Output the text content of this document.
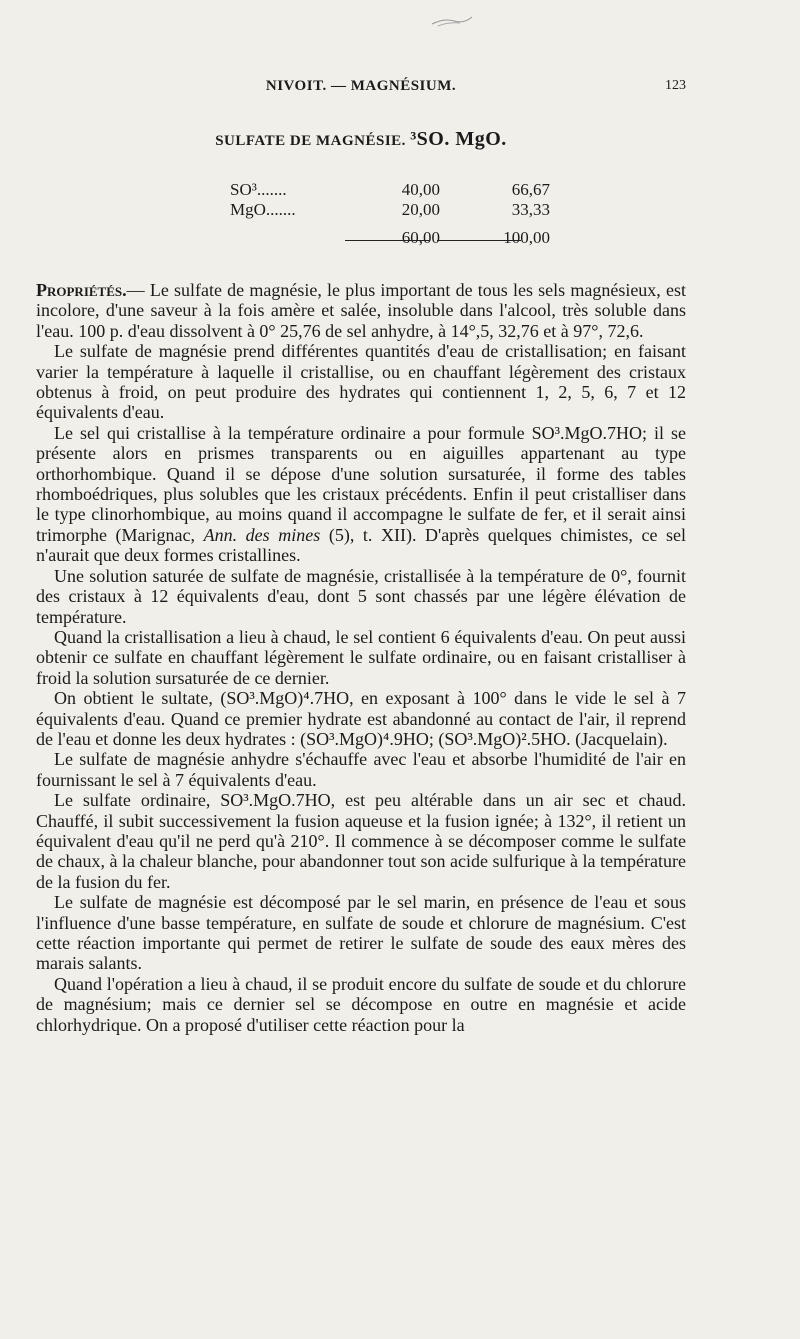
NIVOIT. — MAGNÉSIUM.	123
SULFATE DE MAGNÉSIE. ³SO. MgO.
SO³.......	40,00	66,67
MgO.......	20,00	33,33
	60,00	100,00

Propriétés.— Le sulfate de magnésie, le plus important de tous les sels magnésieux, est incolore, d'une saveur à la fois amère et salée, insoluble dans l'alcool, très soluble dans l'eau. 100 p. d'eau dissolvent à 0° 25,76 de sel anhydre, à 14°,5, 32,76 et à 97°, 72,6.

Le sulfate de magnésie prend différentes quantités d'eau de cristallisation; en faisant varier la température à laquelle il cristallise, ou en chauffant légèrement des cristaux obtenus à froid, on peut produire des hydrates qui contiennent 1, 2, 5, 6, 7 et 12 équivalents d'eau.

Le sel qui cristallise à la température ordinaire a pour formule SO³.MgO.7HO; il se présente alors en prismes transparents ou en aiguilles appartenant au type orthorhombique. Quand il se dépose d'une solution sursaturée, il forme des tables rhomboédriques, plus solubles que les cristaux précédents. Enfin il peut cristalliser dans le type clinorhombique, au moins quand il accompagne le sulfate de fer, et il serait ainsi trimorphe (Marignac, Ann. des mines (5), t. XII). D'après quelques chimistes, ce sel n'aurait que deux formes cristallines.

Une solution saturée de sulfate de magnésie, cristallisée à la température de 0°, fournit des cristaux à 12 équivalents d'eau, dont 5 sont chassés par une légère élévation de température.

Quand la cristallisation a lieu à chaud, le sel contient 6 équivalents d'eau. On peut aussi obtenir ce sulfate en chauffant légèrement le sulfate ordinaire, ou en faisant cristalliser à froid la solution sursaturée de ce dernier.

On obtient le sultate, (SO³.MgO)⁴.7HO, en exposant à 100° dans le vide le sel à 7 équivalents d'eau. Quand ce premier hydrate est abandonné au contact de l'air, il reprend de l'eau et donne les deux hydrates : (SO³.MgO)⁴.9HO; (SO³.MgO)².5HO. (Jacquelain).

Le sulfate de magnésie anhydre s'échauffe avec l'eau et absorbe l'humidité de l'air en fournissant le sel à 7 équivalents d'eau.

Le sulfate ordinaire, SO³.MgO.7HO, est peu altérable dans un air sec et chaud. Chauffé, il subit successivement la fusion aqueuse et la fusion ignée; à 132°, il retient un équivalent d'eau qu'il ne perd qu'à 210°. Il commence à se décomposer comme le sulfate de chaux, à la chaleur blanche, pour abandonner tout son acide sulfurique à la température de la fusion du fer.

Le sulfate de magnésie est décomposé par le sel marin, en présence de l'eau et sous l'influence d'une basse température, en sulfate de soude et chlorure de magnésium. C'est cette réaction importante qui permet de retirer le sulfate de soude des eaux mères des marais salants.

Quand l'opération a lieu à chaud, il se produit encore du sulfate de soude et du chlorure de magnésium; mais ce dernier sel se décompose en outre en magnésie et acide chlorhydrique. On a proposé d'utiliser cette réaction pour la
